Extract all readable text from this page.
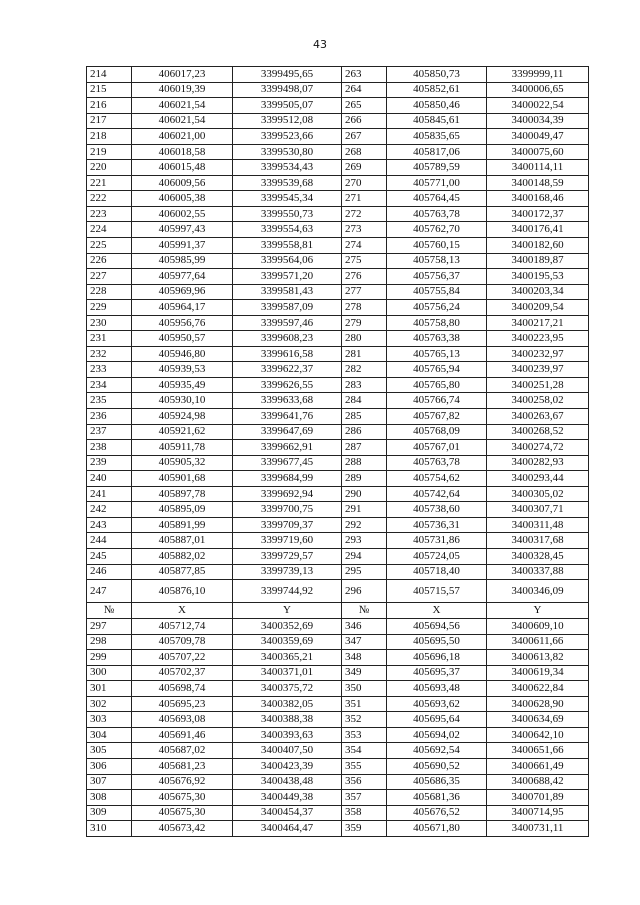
43
214	406017,23	3399495,65	263	405850,73	3399999,11
215	406019,39	3399498,07	264	405852,61	3400006,65
216	406021,54	3399505,07	265	405850,46	3400022,54
217	406021,54	3399512,08	266	405845,61	3400034,39
218	406021,00	3399523,66	267	405835,65	3400049,47
219	406018,58	3399530,80	268	405817,06	3400075,60
220	406015,48	3399534,43	269	405789,59	3400114,11
221	406009,56	3399539,68	270	405771,00	3400148,59
222	406005,38	3399545,34	271	405764,45	3400168,46
223	406002,55	3399550,73	272	405763,78	3400172,37
224	405997,43	3399554,63	273	405762,70	3400176,41
225	405991,37	3399558,81	274	405760,15	3400182,60
226	405985,99	3399564,06	275	405758,13	3400189,87
227	405977,64	3399571,20	276	405756,37	3400195,53
228	405969,96	3399581,43	277	405755,84	3400203,34
229	405964,17	3399587,09	278	405756,24	3400209,54
230	405956,76	3399597,46	279	405758,80	3400217,21
231	405950,57	3399608,23	280	405763,38	3400223,95
232	405946,80	3399616,58	281	405765,13	3400232,97
233	405939,53	3399622,37	282	405765,94	3400239,97
234	405935,49	3399626,55	283	405765,80	3400251,28
235	405930,10	3399633,68	284	405766,74	3400258,02
236	405924,98	3399641,76	285	405767,82	3400263,67
237	405921,62	3399647,69	286	405768,09	3400268,52
238	405911,78	3399662,91	287	405767,01	3400274,72
239	405905,32	3399677,45	288	405763,78	3400282,93
240	405901,68	3399684,99	289	405754,62	3400293,44
241	405897,78	3399692,94	290	405742,64	3400305,02
242	405895,09	3399700,75	291	405738,60	3400307,71
243	405891,99	3399709,37	292	405736,31	3400311,48
244	405887,01	3399719,60	293	405731,86	3400317,68
245	405882,02	3399729,57	294	405724,05	3400328,45
246	405877,85	3399739,13	295	405718,40	3400337,88
247	405876,10	3399744,92	296	405715,57	3400346,09
№	X	Y	№	X	Y
297	405712,74	3400352,69	346	405694,56	3400609,10
298	405709,78	3400359,69	347	405695,50	3400611,66
299	405707,22	3400365,21	348	405696,18	3400613,82
300	405702,37	3400371,01	349	405695,37	3400619,34
301	405698,74	3400375,72	350	405693,48	3400622,84
302	405695,23	3400382,05	351	405693,62	3400628,90
303	405693,08	3400388,38	352	405695,64	3400634,69
304	405691,46	3400393,63	353	405694,02	3400642,10
305	405687,02	3400407,50	354	405692,54	3400651,66
306	405681,23	3400423,39	355	405690,52	3400661,49
307	405676,92	3400438,48	356	405686,35	3400688,42
308	405675,30	3400449,38	357	405681,36	3400701,89
309	405675,30	3400454,37	358	405676,52	3400714,95
310	405673,42	3400464,47	359	405671,80	3400731,11
